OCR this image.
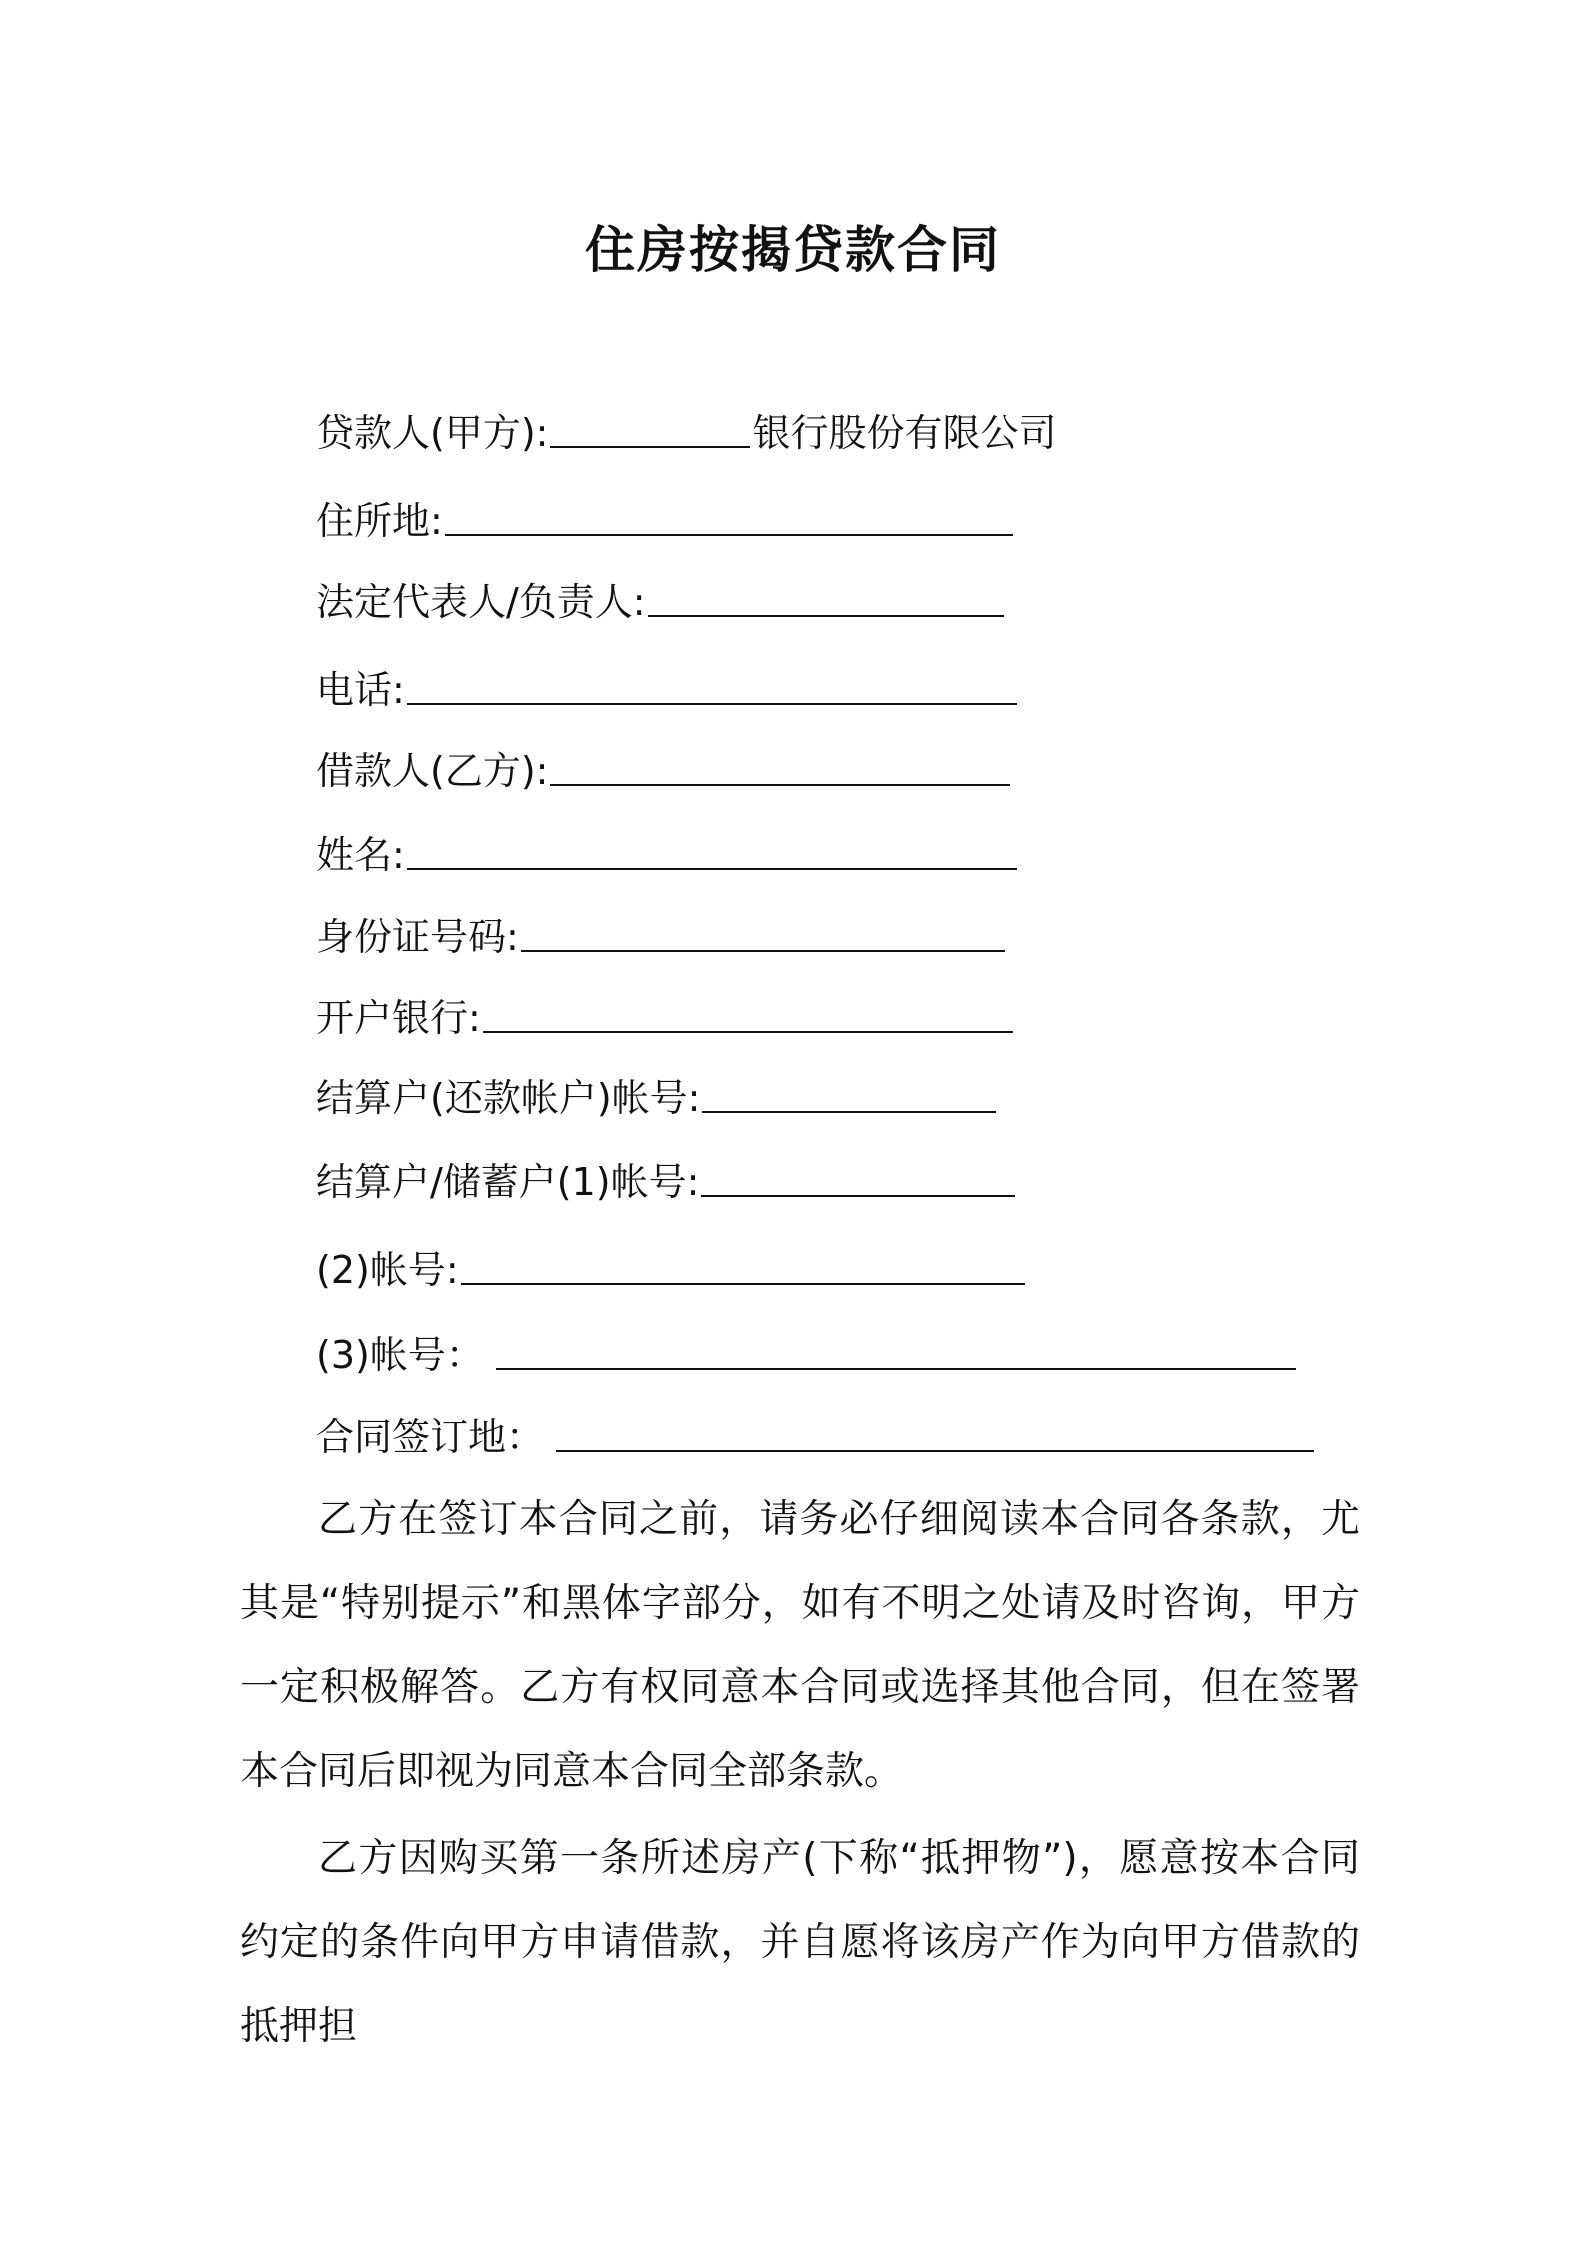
住房按揭贷款合同
贷款人(甲方):	银行股份有限公司
住所地:
法定代表人/负责人:
电话:
借款人(乙方):
姓名:
身份证号码:
开户银行:
结算户(还款帐户)帐号:
结算户/储蓄户(1)帐号:
(2)帐号:
(3)帐号：
合同签订地：

乙方在签订本合同之前，请务必仔细阅读本合同各条款，尤其是“特别提示”和黑体字部分，如有不明之处请及时咨询，甲方一定积极解答。乙方有权同意本合同或选择其他合同，但在签署本合同后即视为同意本合同全部条款。

乙方因购买第一条所述房产(下称“抵押物”)，愿意按本合同约定的条件向甲方申请借款，并自愿将该房产作为向甲方借款的抵押担
